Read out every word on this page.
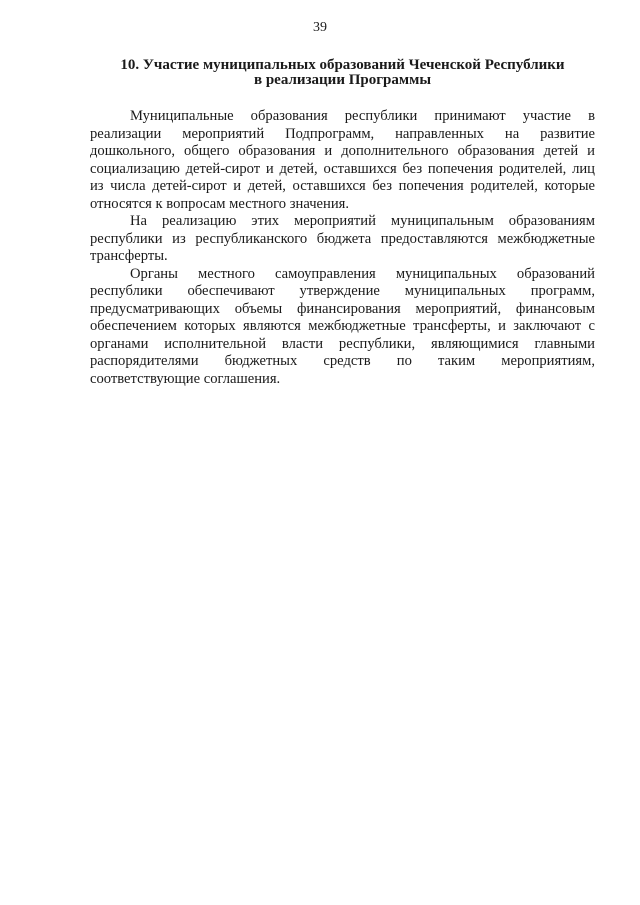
39
10. Участие муниципальных образований Чеченской Республики
в реализации Программы

Муниципальные образования республики принимают участие в реализации мероприятий Подпрограмм, направленных на развитие дошкольного, общего образования и дополнительного образования детей и социализацию детей-сирот и детей, оставшихся без попечения родителей, лиц из числа детей-сирот и детей, оставшихся без попечения родителей, которые относятся к вопросам местного значения.

На реализацию этих мероприятий муниципальным образованиям республики из республиканского бюджета предоставляются межбюджетные трансферты.

Органы местного самоуправления муниципальных образований республики обеспечивают утверждение муниципальных программ, предусматривающих объемы финансирования мероприятий, финансовым обеспечением которых являются межбюджетные трансферты, и заключают с органами исполнительной власти республики, являющимися главными распорядителями бюджетных средств по таким мероприятиям, соответствующие соглашения.
